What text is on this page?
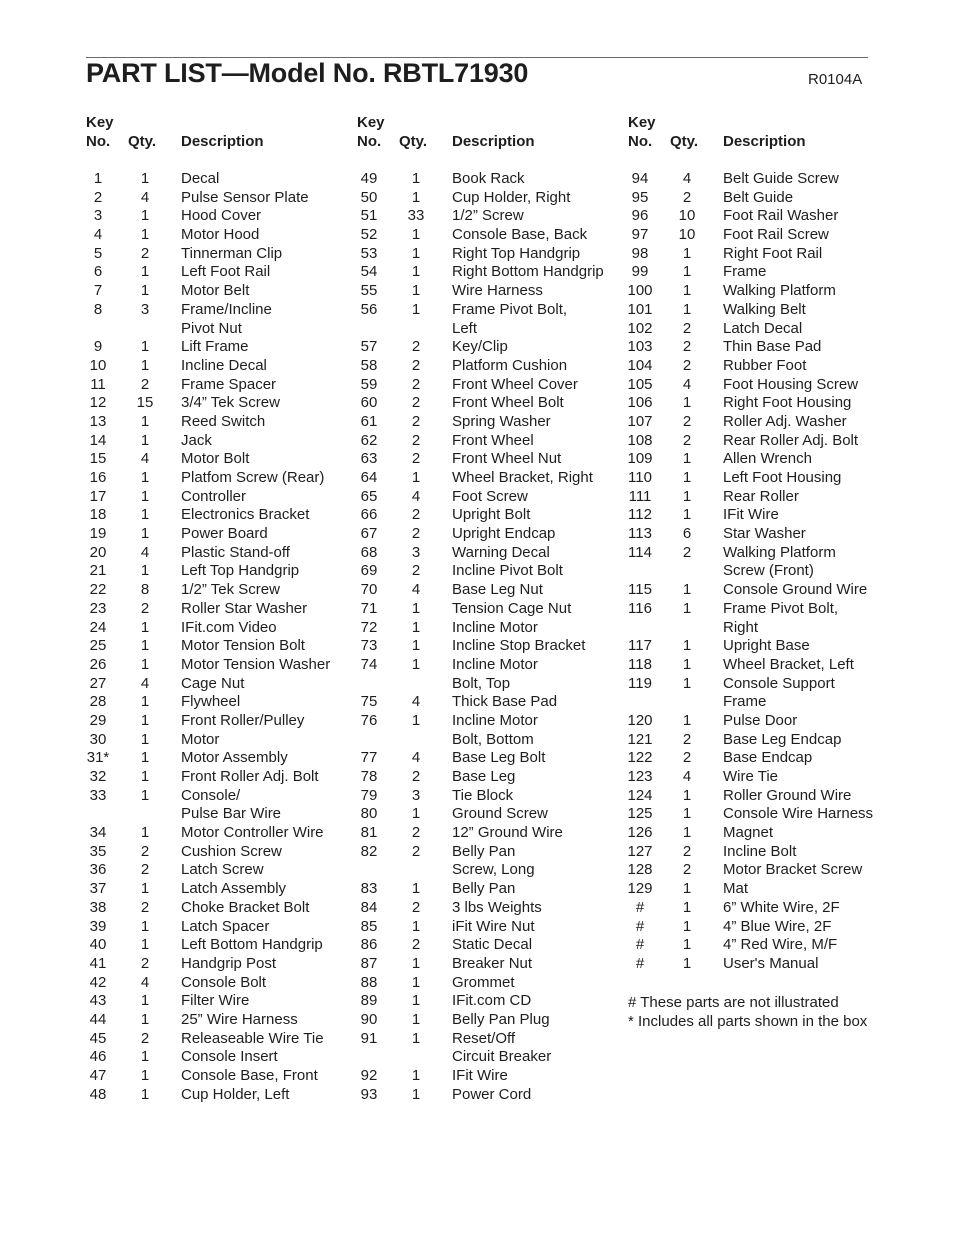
PART LIST—Model No. RBTL71930	R0104A
Key
No. Qty. Description
1	1	Decal
2	4	Pulse Sensor Plate
3	1	Hood Cover
4	1	Motor Hood
5	2	Tinnerman Clip
6	1	Left Foot Rail
7	1	Motor Belt
8	3	Frame/Incline
Pivot Nut
9	1	Lift Frame
10	1	Incline Decal
11	2	Frame Spacer
12	15	3/4” Tek Screw
13	1	Reed Switch
14	1	Jack
15	4	Motor Bolt
16	1	Platfom Screw (Rear)
17	1	Controller
18	1	Electronics Bracket
19	1	Power Board
20	4	Plastic Stand-off
21	1	Left Top Handgrip
22	8	1/2” Tek Screw
23	2	Roller Star Washer
24	1	IFit.com Video
25	1	Motor Tension Bolt
26	1	Motor Tension Washer
27	4	Cage Nut
28	1	Flywheel
29	1	Front Roller/Pulley
30	1	Motor
31*	1	Motor Assembly
32	1	Front Roller Adj. Bolt
33	1	Console/
Pulse Bar Wire
34	1	Motor Controller Wire
35	2	Cushion Screw
36	2	Latch Screw
37	1	Latch Assembly
38	2	Choke Bracket Bolt
39	1	Latch Spacer
40	1	Left Bottom Handgrip
41	2	Handgrip Post
42	4	Console Bolt
43	1	Filter Wire
44	1	25” Wire Harness
45	2	Releaseable Wire Tie
46	1	Console Insert
47	1	Console Base, Front
48	1	Cup Holder, Left
Key
No. Qty. Description
49	1	Book Rack
50	1	Cup Holder, Right
51	33	1/2” Screw
52	1	Console Base, Back
53	1	Right Top Handgrip
54	1	Right Bottom Handgrip
55	1	Wire Harness
56	1	Frame Pivot Bolt,
Left
57	2	Key/Clip
58	2	Platform Cushion
59	2	Front Wheel Cover
60	2	Front Wheel Bolt
61	2	Spring Washer
62	2	Front Wheel
63	2	Front Wheel Nut
64	1	Wheel Bracket, Right
65	4	Foot Screw
66	2	Upright Bolt
67	2	Upright Endcap
68	3	Warning Decal
69	2	Incline Pivot Bolt
70	4	Base Leg Nut
71	1	Tension Cage Nut
72	1	Incline Motor
73	1	Incline Stop Bracket
74	1	Incline Motor
Bolt, Top
75	4	Thick Base Pad
76	1	Incline Motor
Bolt, Bottom
77	4	Base Leg Bolt
78	2	Base Leg
79	3	Tie Block
80	1	Ground Screw
81	2	12” Ground Wire
82	2	Belly Pan
Screw, Long
83	1	Belly Pan
84	2	3 lbs Weights
85	1	iFit Wire Nut
86	2	Static Decal
87	1	Breaker Nut
88	1	Grommet
89	1	IFit.com CD
90	1	Belly Pan Plug
91	1	Reset/Off
Circuit Breaker
92	1	IFit Wire
93	1	Power Cord
Key
No. Qty. Description
94	4	Belt Guide Screw
95	2	Belt Guide
96	10	Foot Rail Washer
97	10	Foot Rail Screw
98	1	Right Foot Rail
99	1	Frame
100	1	Walking Platform
101	1	Walking Belt
102	2	Latch Decal
103	2	Thin Base Pad
104	2	Rubber Foot
105	4	Foot Housing Screw
106	1	Right Foot Housing
107	2	Roller Adj. Washer
108	2	Rear Roller Adj. Bolt
109	1	Allen Wrench
110	1	Left Foot Housing
111	1	Rear Roller
112	1	IFit Wire
113	6	Star Washer
114	2	Walking Platform
Screw (Front)
115	1	Console Ground Wire
116	1	Frame Pivot Bolt,
Right
117	1	Upright Base
118	1	Wheel Bracket, Left
119	1	Console Support
Frame
120	1	Pulse Door
121	2	Base Leg Endcap
122	2	Base Endcap
123	4	Wire Tie
124	1	Roller Ground Wire
125	1	Console Wire Harness
126	1	Magnet
127	2	Incline Bolt
128	2	Motor Bracket Screw
129	1	Mat
#	1	6” White Wire, 2F
#	1	4” Blue Wire, 2F
#	1	4” Red Wire, M/F
#	1	User's Manual
# These parts are not illustrated
* Includes all parts shown in the box
